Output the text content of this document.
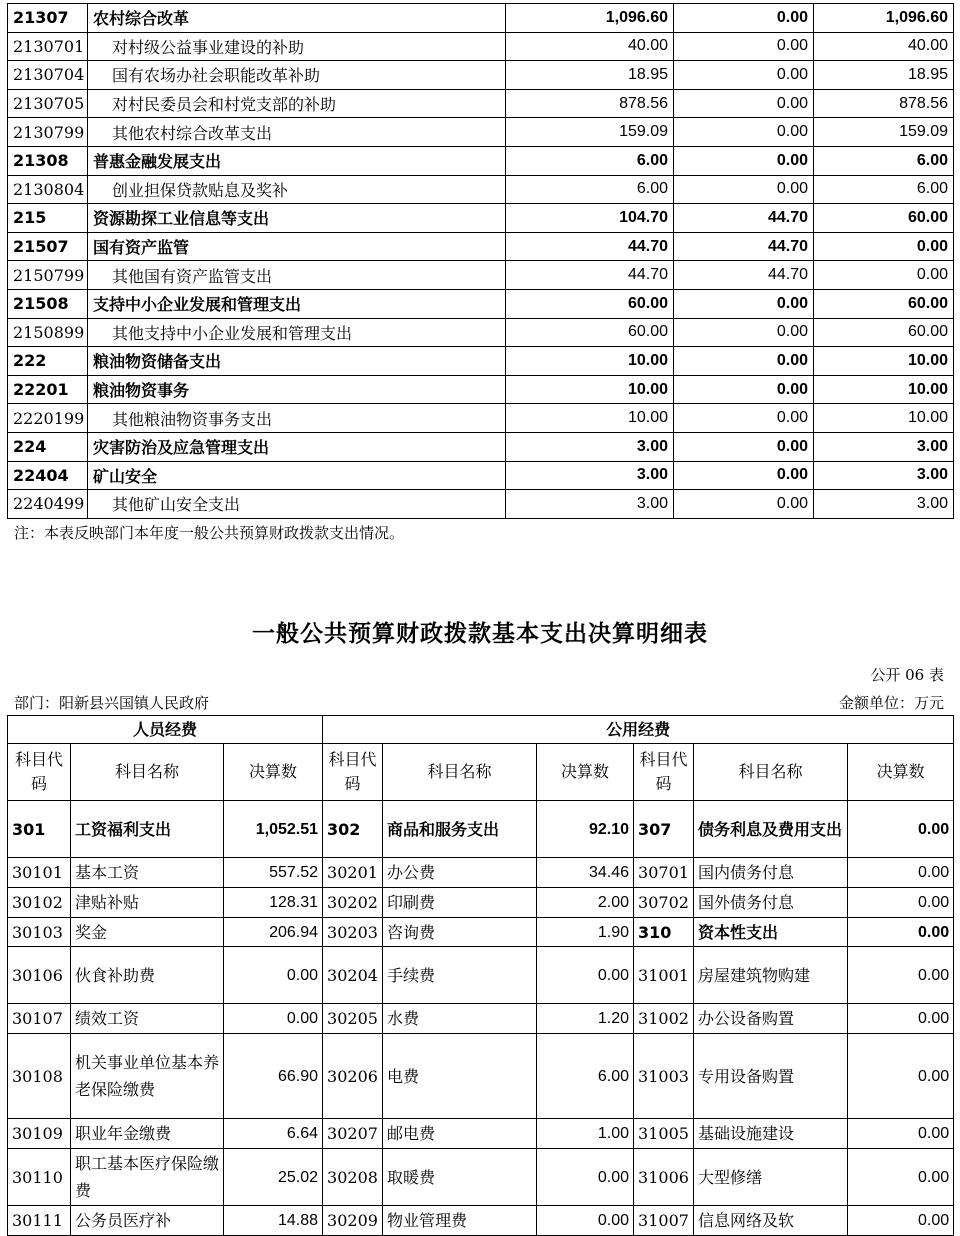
21307	农村综合改革	1,096.60	0.00	1,096.60
2130701	对村级公益事业建设的补助	40.00	0.00	40.00
2130704	国有农场办社会职能改革补助	18.95	0.00	18.95
2130705	对村民委员会和村党支部的补助	878.56	0.00	878.56
2130799	其他农村综合改革支出	159.09	0.00	159.09
21308	普惠金融发展支出	6.00	0.00	6.00
2130804	创业担保贷款贴息及奖补	6.00	0.00	6.00
215	资源勘探工业信息等支出	104.70	44.70	60.00
21507	国有资产监管	44.70	44.70	0.00
2150799	其他国有资产监管支出	44.70	44.70	0.00
21508	支持中小企业发展和管理支出	60.00	0.00	60.00
2150899	其他支持中小企业发展和管理支出	60.00	0.00	60.00
222	粮油物资储备支出	10.00	0.00	10.00
22201	粮油物资事务	10.00	0.00	10.00
2220199	其他粮油物资事务支出	10.00	0.00	10.00
224	灾害防治及应急管理支出	3.00	0.00	3.00
22404	矿山安全	3.00	0.00	3.00
2240499	其他矿山安全支出	3.00	0.00	3.00
注：本表反映部门本年度一般公共预算财政拨款支出情况。
一般公共预算财政拨款基本支出决算明细表
公开 06 表
部门：阳新县兴国镇人民政府	金额单位：万元
人员经费			公用经费					
科目代码	科目名称	决算数	科目代码	科目名称	决算数	科目代码	科目名称	决算数
301	工资福利支出	1,052.51	302	商品和服务支出	92.10	307	债务利息及费用支出	0.00
30101	基本工资	557.52	30201	办公费	34.46	30701	国内债务付息	0.00
30102	津贴补贴	128.31	30202	印刷费	2.00	30702	国外债务付息	0.00
30103	奖金	206.94	30203	咨询费	1.90	310	资本性支出	0.00
30106	伙食补助费	0.00	30204	手续费	0.00	31001	房屋建筑物购建	0.00
30107	绩效工资	0.00	30205	水费	1.20	31002	办公设备购置	0.00
30108	机关事业单位基本养老保险缴费	66.90	30206	电费	6.00	31003	专用设备购置	0.00
30109	职业年金缴费	6.64	30207	邮电费	1.00	31005	基础设施建设	0.00
30110	职工基本医疗保险缴费	25.02	30208	取暖费	0.00	31006	大型修缮	0.00
30111	公务员医疗补	14.88	30209	物业管理费	0.00	31007	信息网络及软	0.00
